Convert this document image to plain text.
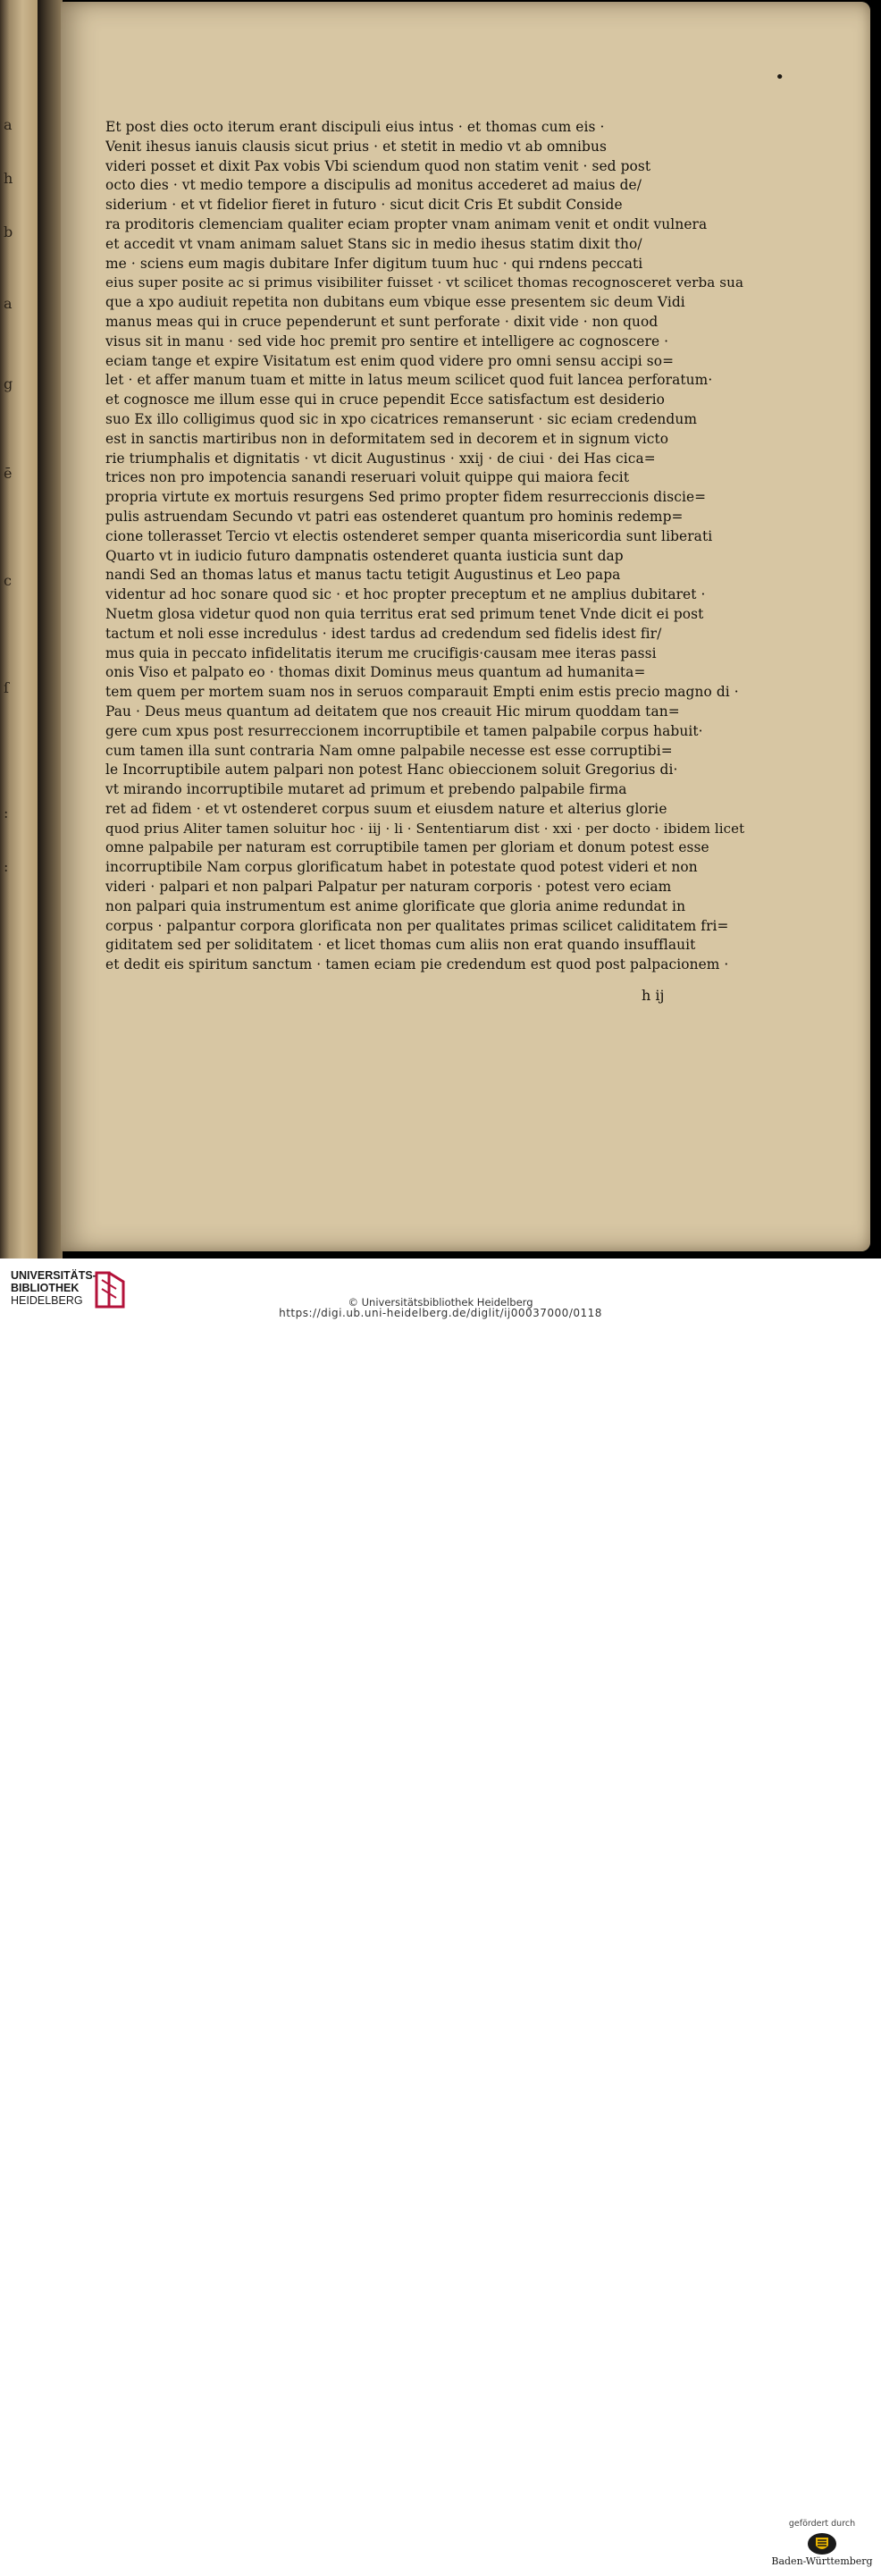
a
h
b
a
g
ē
c
ſ
:
:
•
Et post dies octo iterum erant discipuli eius intus · et thomas cum eis ·
Venit ihesus ianuis clausis sicut prius · et stetit in medio vt ab omnibus
videri posset et dixit Pax vobis Vbi sciendum quod non statim venit · sed post
octo dies · vt medio tempore a discipulis ad monitus accederet ad maius de/
siderium · et vt fidelior fieret in futuro · sicut dicit Cris Et subdit Conside
ra proditoris clemenciam qualiter eciam propter vnam animam venit et ondit vulnera
et accedit vt vnam animam saluet Stans sic in medio ihesus statim dixit tho/
me · sciens eum magis dubitare Infer digitum tuum huc · qui rndens peccati
eius super posite ac si primus visibiliter fuisset · vt scilicet thomas recognosceret verba sua
que a xpo audiuit repetita non dubitans eum vbique esse presentem sic deum Vidi
manus meas qui in cruce pependerunt et sunt perforate · dixit vide · non quod
visus sit in manu · sed vide hoc premit pro sentire et intelligere ac cognoscere ·
eciam tange et expire Visitatum est enim quod videre pro omni sensu accipi so=
let · et affer manum tuam et mitte in latus meum scilicet quod fuit lancea perforatum·
et cognosce me illum esse qui in cruce pependit Ecce satisfactum est desiderio
suo Ex illo colligimus quod sic in xpo cicatrices remanserunt · sic eciam credendum
est in sanctis martiribus non in deformitatem sed in decorem et in signum victo
rie triumphalis et dignitatis · vt dicit Augustinus · xxij · de ciui · dei Has cica=
trices non pro impotencia sanandi reseruari voluit quippe qui maiora fecit
propria virtute ex mortuis resurgens Sed primo propter fidem resurreccionis discie=
pulis astruendam Secundo vt patri eas ostenderet quantum pro hominis redemp=
cione tollerasset Tercio vt electis ostenderet semper quanta misericordia sunt liberati
Quarto vt in iudicio futuro dampnatis ostenderet quanta iusticia sunt dap
nandi Sed an thomas latus et manus tactu tetigit Augustinus et Leo papa
videntur ad hoc sonare quod sic · et hoc propter preceptum et ne amplius dubitaret ·
Nuetm glosa videtur quod non quia territus erat sed primum tenet Vnde dicit ei post
tactum et noli esse incredulus · idest tardus ad credendum sed fidelis idest fir/
mus quia in peccato infidelitatis iterum me crucifigis·causam mee iteras passi
onis Viso et palpato eo · thomas dixit Dominus meus quantum ad humanita=
tem quem per mortem suam nos in seruos comparauit Empti enim estis precio magno di ·
Pau · Deus meus quantum ad deitatem que nos creauit Hic mirum quoddam tan=
gere cum xpus post resurreccionem incorruptibile et tamen palpabile corpus habuit·
cum tamen illa sunt contraria Nam omne palpabile necesse est esse corruptibi=
le Incorruptibile autem palpari non potest Hanc obieccionem soluit Gregorius di·
vt mirando incorruptibile mutaret ad primum et prebendo palpabile firma
ret ad fidem · et vt ostenderet corpus suum et eiusdem nature et alterius glorie
quod prius Aliter tamen soluitur hoc · iij · li · Sententiarum dist · xxi · per docto · ibidem licet
omne palpabile per naturam est corruptibile tamen per gloriam et donum potest esse
incorruptibile Nam corpus glorificatum habet in potestate quod potest videri et non
videri · palpari et non palpari Palpatur per naturam corporis · potest vero eciam
non palpari quia instrumentum est anime glorificate que gloria anime redundat in
corpus · palpantur corpora glorificata non per qualitates primas scilicet caliditatem fri=
giditatem sed per soliditatem · et licet thomas cum aliis non erat quando insufflauit
et dedit eis spiritum sanctum · tamen eciam pie credendum est quod post palpacionem ·
h ij
UNIVERSITÄTS-
BIBLIOTHEK
HEIDELBERG
gefördert durch
Baden-Württemberg
© Universitätsbibliothek Heidelberg
https://digi.ub.uni-heidelberg.de/diglit/ij00037000/0118
